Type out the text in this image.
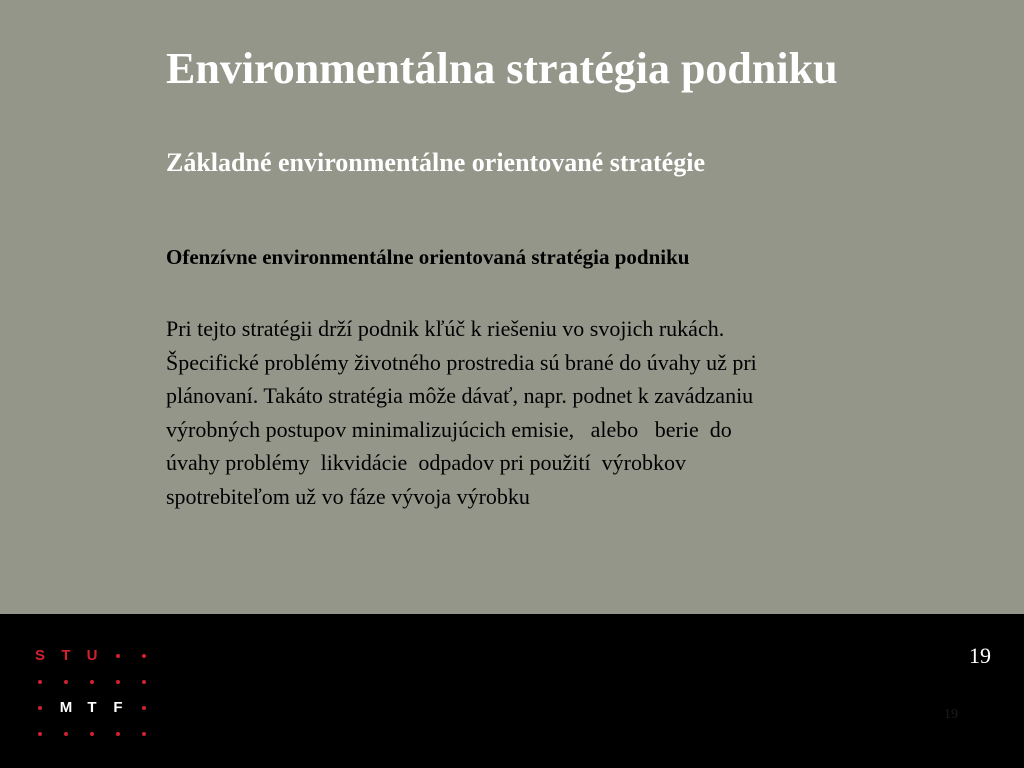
Environmentálna stratégia podniku
Základné environmentálne orientované stratégie
Ofenzívne environmentálne orientovaná stratégia podniku

Pri tejto stratégii drží podnik kľúč k riešeniu vo svojich rukách.
Špecifické problémy životného prostredia sú brané do úvahy už pri
plánovaní. Takáto stratégia môže dávať, napr. podnet k zavádzaniu
výrobných postupov minimalizujúcich emisie,   alebo   berie  do
úvahy problémy  likvidácie  odpadov pri použití  výrobkov
spotrebiteľom už vo fáze vývoja výrobku

S	T	U
M	T	F
19
19
